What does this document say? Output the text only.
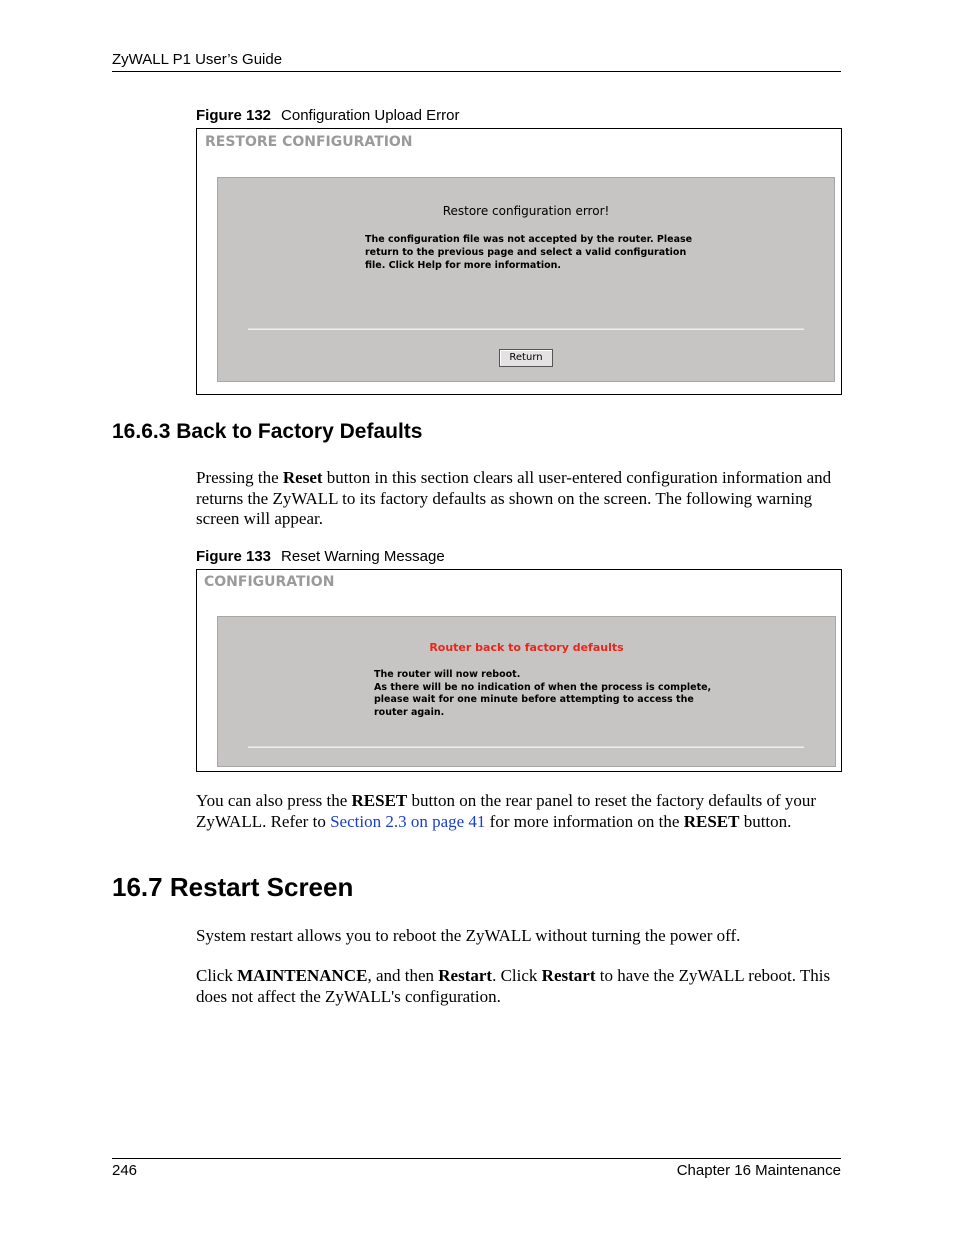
ZyWALL P1 User’s Guide
Figure 132 Configuration Upload Error
RESTORE CONFIGURATION
Restore configuration error!
The configuration file was not accepted by the router. Please
return to the previous page and select a valid configuration
file. Click Help for more information.
Return
16.6.3 Back to Factory Defaults
Pressing the Reset button in this section clears all user-entered configuration information and returns the ZyWALL to its factory defaults as shown on the screen. The following warning screen will appear.
Figure 133 Reset Warning Message
CONFIGURATION
Router back to factory defaults
The router will now reboot.
As there will be no indication of when the process is complete,
please wait for one minute before attempting to access the
router again.
You can also press the RESET button on the rear panel to reset the factory defaults of your ZyWALL. Refer to Section 2.3 on page 41 for more information on the RESET button.
16.7 Restart Screen
System restart allows you to reboot the ZyWALL without turning the power off.
Click MAINTENANCE, and then Restart. Click Restart to have the ZyWALL reboot. This does not affect the ZyWALL's configuration.
246	Chapter 16 Maintenance
